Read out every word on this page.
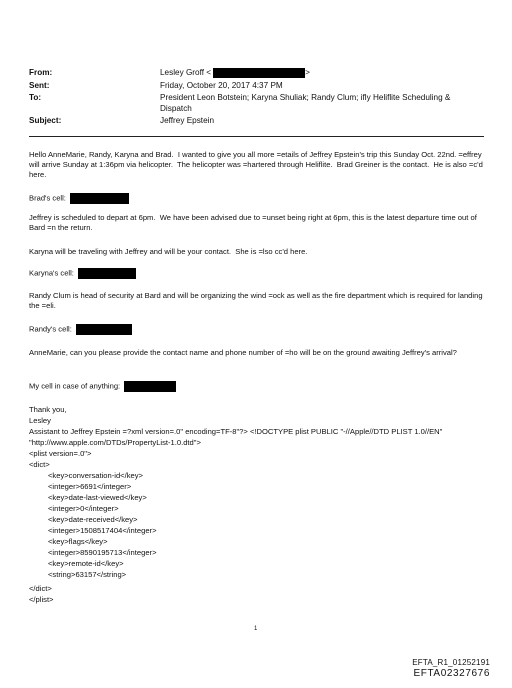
From:	Lesley Groff <	>
Sent:	Friday, October 20, 2017 4:37 PM
To:	President Leon Botstein; Karyna Shuliak; Randy Clum; ifly Heliflite Scheduling &
Dispatch
Subject:	Jeffrey Epstein
Hello AnneMarie, Randy, Karyna and Brad.  I wanted to give you all more =etails of Jeffrey Epstein's trip this Sunday Oct. 22nd. =effrey will arrive Sunday at 1:36pm via helicopter.  The helicopter was =hartered through Heliflite.  Brad Greiner is the contact.  He is also =c'd here.
Brad's cell:
Jeffrey is scheduled to depart at 6pm.  We have been advised due to =unset being right at 6pm, this is the latest departure time out of Bard =n the return.
Karyna will be traveling with Jeffrey and will be your contact.  She is =lso cc'd here.
Karyna's cell:
Randy Clum is head of security at Bard and will be organizing the wind =ock as well as the fire department which is required for landing the =eli.
Randy's cell:
AnneMarie, can you please provide the contact name and phone number of =ho will be on the ground awaiting Jeffrey's arrival?
My cell in case of anything:
Thank you,
Lesley
Assistant to Jeffrey Epstein =?xml version=.0" encoding=TF-8"?> <!DOCTYPE plist PUBLIC "-//Apple//DTD PLIST 1.0//EN"
"http://www.apple.com/DTDs/PropertyList-1.0.dtd">
<plist version=.0">
<dict>
<key>conversation-id</key>
<integer>6691</integer>
<key>date-last-viewed</key>
<integer>0</integer>
<key>date-received</key>
<integer>1508517404</integer>
<key>flags</key>
<integer>8590195713</integer>
<key>remote-id</key>
<string>63157</string>
</dict>
</plist>
1
EFTA_R1_01252191
EFTA02327676
